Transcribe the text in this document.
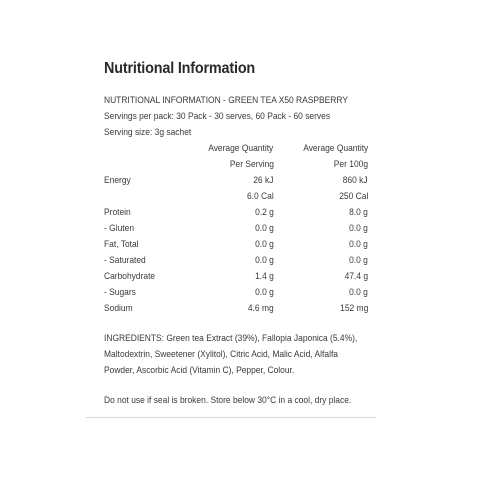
Nutritional Information
NUTRITIONAL INFORMATION - GREEN TEA X50 RASPBERRY
Servings per pack: 30 Pack - 30 serves, 60 Pack - 60 serves
Serving size: 3g sachet
	Average Quantity	Average Quantity
	Per Serving	Per 100g

Energy	26 kJ	860 kJ
	6.0 Cal	250 Cal
Protein	0.2 g	8.0 g
- Gluten	0.0 g	0.0 g
Fat, Total	0.0 g	0.0 g
- Saturated	0.0 g	0.0 g
Carbohydrate	1.4 g	47.4 g
- Sugars	0.0 g	0.0 g
Sodium	4.6 mg	152 mg
INGREDIENTS: Green tea Extract (39%), Fallopia Japonica (5.4%),
Maltodextrin, Sweetener (Xylitol), Citric Acid, Malic Acid, Alfalfa
Powder, Ascorbic Acid (Vitamin C), Pepper, Colour.
Do not use if seal is broken. Store below 30°C in a cool, dry place.
